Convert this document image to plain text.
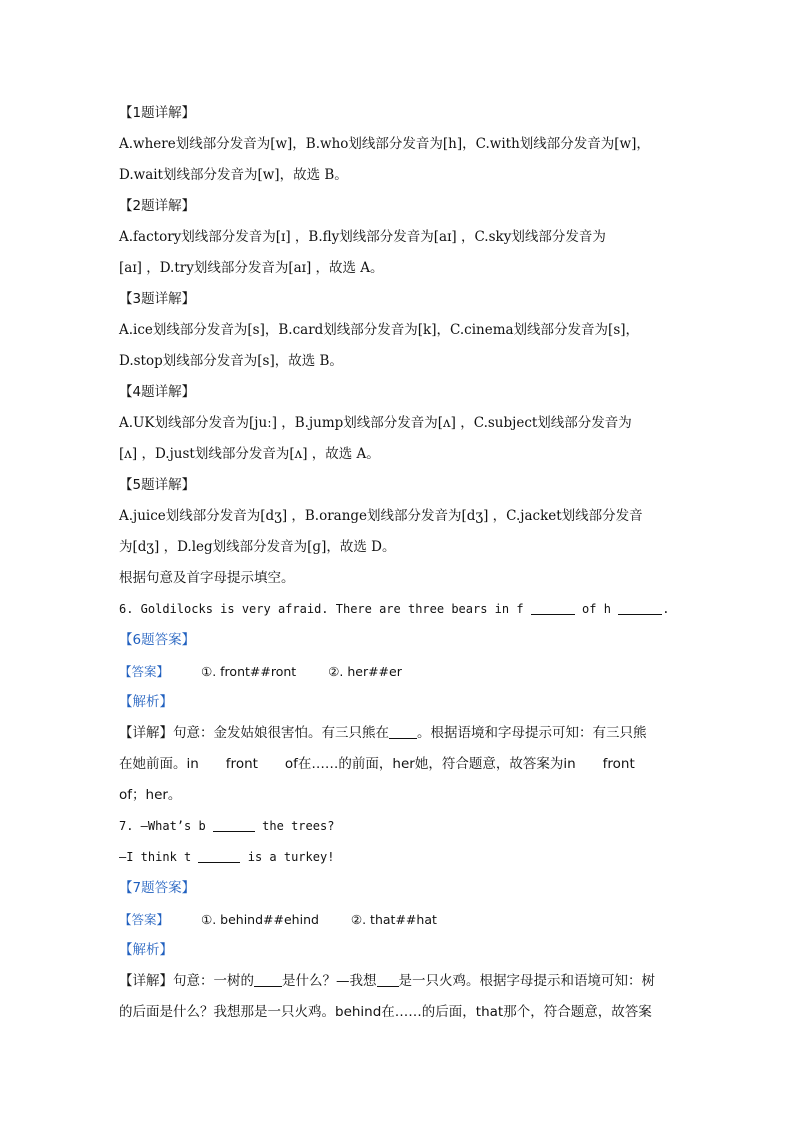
【1题详解】
A.where划线部分发音为[w]，B.who划线部分发音为[h]，C.with划线部分发音为[w]，
D.wait划线部分发音为[w]，故选 B。
【2题详解】
A.factory划线部分发音为[ɪ] ，B.fly划线部分发音为[aɪ] ，C.sky划线部分发音为
[aɪ] ，D.try划线部分发音为[aɪ] ，故选 A。
【3题详解】
A.ice划线部分发音为[s]，B.card划线部分发音为[k]，C.cinema划线部分发音为[s]，
D.stop划线部分发音为[s]，故选 B。
【4题详解】
A.UK划线部分发音为[juː] ，B.jump划线部分发音为[ʌ] ，C.subject划线部分发音为
[ʌ] ，D.just划线部分发音为[ʌ] ，故选 A。
【5题详解】
A.juice划线部分发音为[dʒ] ，B.orange划线部分发音为[dʒ] ，C.jacket划线部分发音
为[dʒ] ，D.leg划线部分发音为[ɡ]，故选 D。
根据句意及首字母提示填空。
6. Goldilocks is very afraid. There are three bears in f	of h	.
【6题答案】
【答案】	①. front##ront	②. her##er
【解析】
【详解】句意：金发姑娘很害怕。有三只熊在 。根据语境和字母提示可知：有三只熊
在她前面。in　　front　　of在……的前面，her她，符合题意，故答案为in　　front
of；her。
7. —What’s b	the trees?
—I think t	is a turkey!
【7题答案】
【答案】	①. behind##ehind	②. that##hat
【解析】
【详解】句意：一树的 是什么？—我想 是一只火鸡。根据字母提示和语境可知：树
的后面是什么？我想那是一只火鸡。behind在……的后面，that那个，符合题意，故答案
